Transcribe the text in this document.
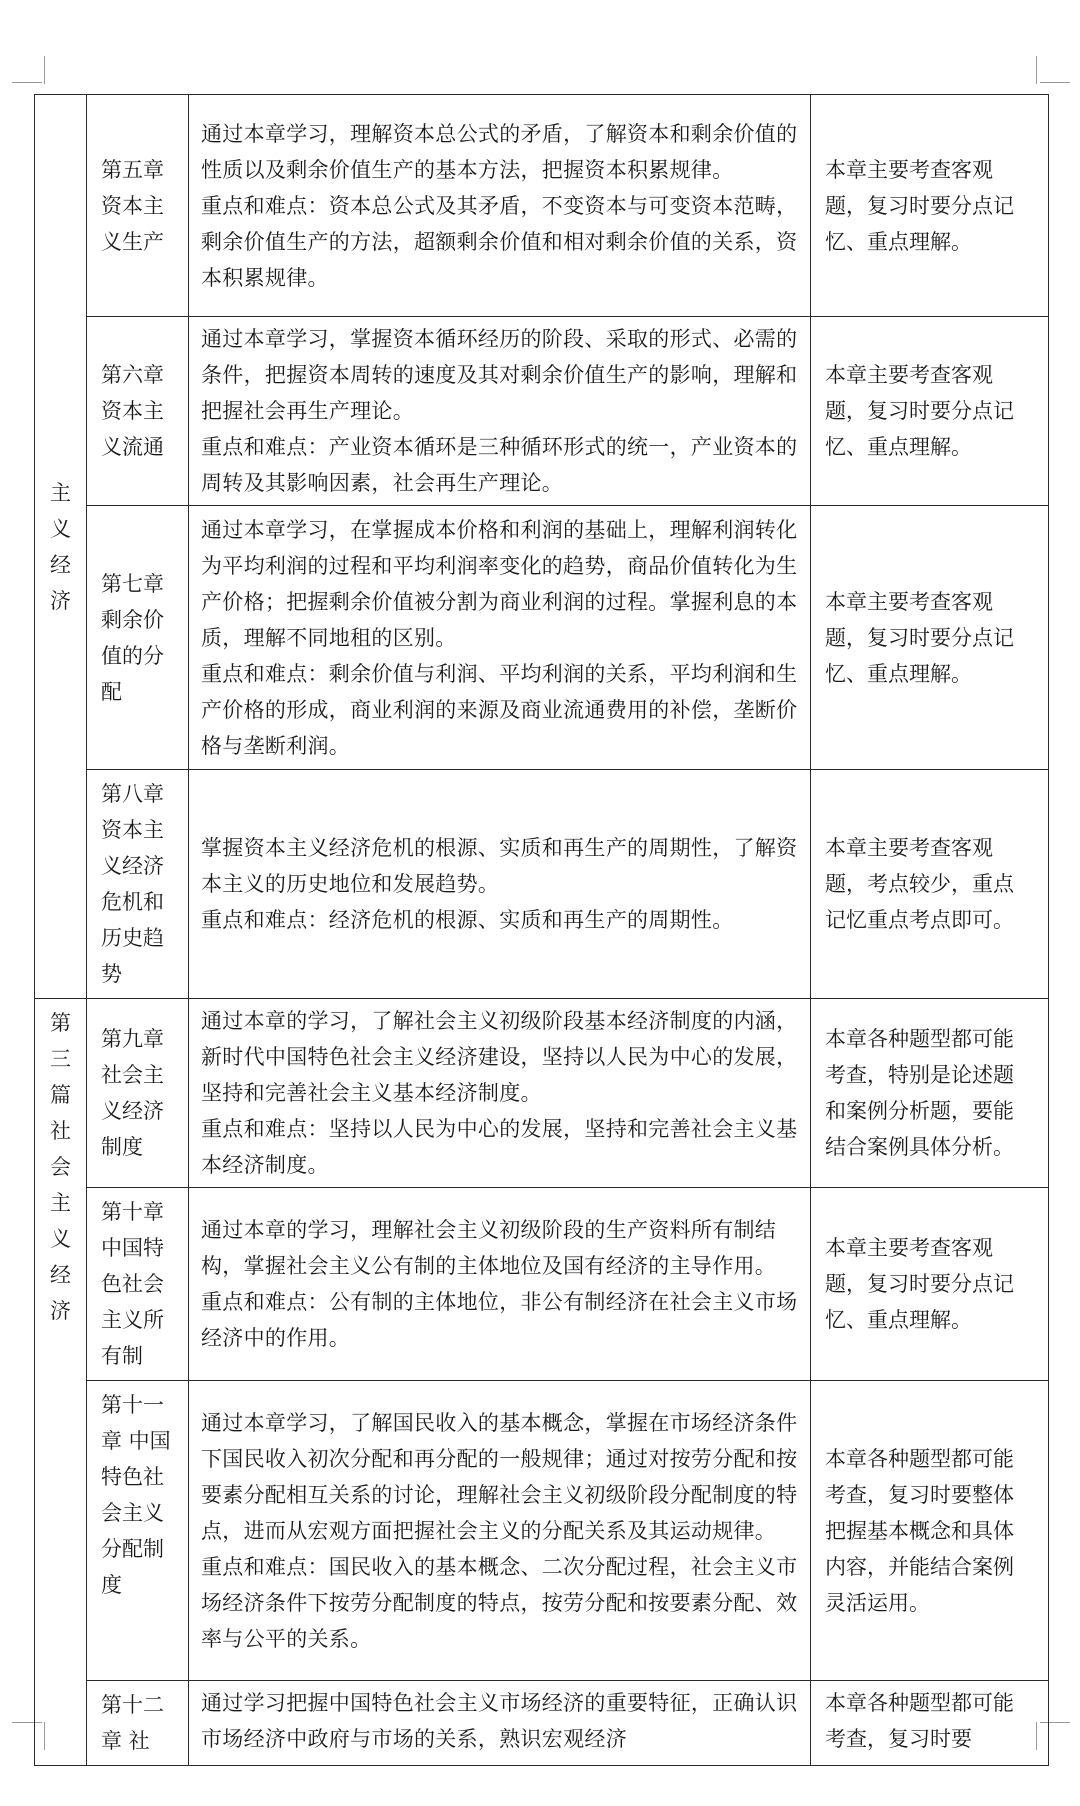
主义经济	第五章资本主义生产	通过本章学习，理解资本总公式的矛盾，了解资本和剩余价值的性质以及剩余价值生产的基本方法，把握资本积累规律。
重点和难点：资本总公式及其矛盾，不变资本与可变资本范畴，剩余价值生产的方法，超额剩余价值和相对剩余价值的关系，资本积累规律。	本章主要考查客观题，复习时要分点记忆、重点理解。
	第六章资本主义流通	通过本章学习，掌握资本循环经历的阶段、采取的形式、必需的条件，把握资本周转的速度及其对剩余价值生产的影响，理解和把握社会再生产理论。
重点和难点：产业资本循环是三种循环形式的统一，产业资本的周转及其影响因素，社会再生产理论。	本章主要考查客观题，复习时要分点记忆、重点理解。
	第七章剩余价值的分配	通过本章学习，在掌握成本价格和利润的基础上，理解利润转化为平均利润的过程和平均利润率变化的趋势，商品价值转化为生产价格；把握剩余价值被分割为商业利润的过程。掌握利息的本质，理解不同地租的区别。
重点和难点：剩余价值与利润、平均利润的关系，平均利润和生产价格的形成，商业利润的来源及商业流通费用的补偿，垄断价格与垄断利润。	本章主要考查客观题，复习时要分点记忆、重点理解。
	第八章资本主义经济危机和历史趋势	掌握资本主义经济危机的根源、实质和再生产的周期性，了解资本主义的历史地位和发展趋势。
重点和难点：经济危机的根源、实质和再生产的周期性。	本章主要考查客观题，考点较少，重点记忆重点考点即可。
第三篇社会主义经济	第九章社会主义经济制度	通过本章的学习，了解社会主义初级阶段基本经济制度的内涵，新时代中国特色社会主义经济建设，坚持以人民为中心的发展，坚持和完善社会主义基本经济制度。
重点和难点：坚持以人民为中心的发展，坚持和完善社会主义基本经济制度。	本章各种题型都可能考查，特别是论述题和案例分析题，要能结合案例具体分析。
	第十章中国特色社会主义所有制	通过本章的学习，理解社会主义初级阶段的生产资料所有制结构，掌握社会主义公有制的主体地位及国有经济的主导作用。
重点和难点：公有制的主体地位，非公有制经济在社会主义市场经济中的作用。	本章主要考查客观题，复习时要分点记忆、重点理解。
	第十一章 中国特色社会主义分配制度	通过本章学习，了解国民收入的基本概念，掌握在市场经济条件下国民收入初次分配和再分配的一般规律；通过对按劳分配和按要素分配相互关系的讨论，理解社会主义初级阶段分配制度的特点，进而从宏观方面把握社会主义的分配关系及其运动规律。
重点和难点：国民收入的基本概念、二次分配过程，社会主义市场经济条件下按劳分配制度的特点，按劳分配和按要素分配、效率与公平的关系。	本章各种题型都可能考查，复习时要整体把握基本概念和具体内容，并能结合案例灵活运用。
	第十二章 社	通过学习把握中国特色社会主义市场经济的重要特征，正确认识市场经济中政府与市场的关系，熟识宏观经济	本章各种题型都可能考查，复习时要
